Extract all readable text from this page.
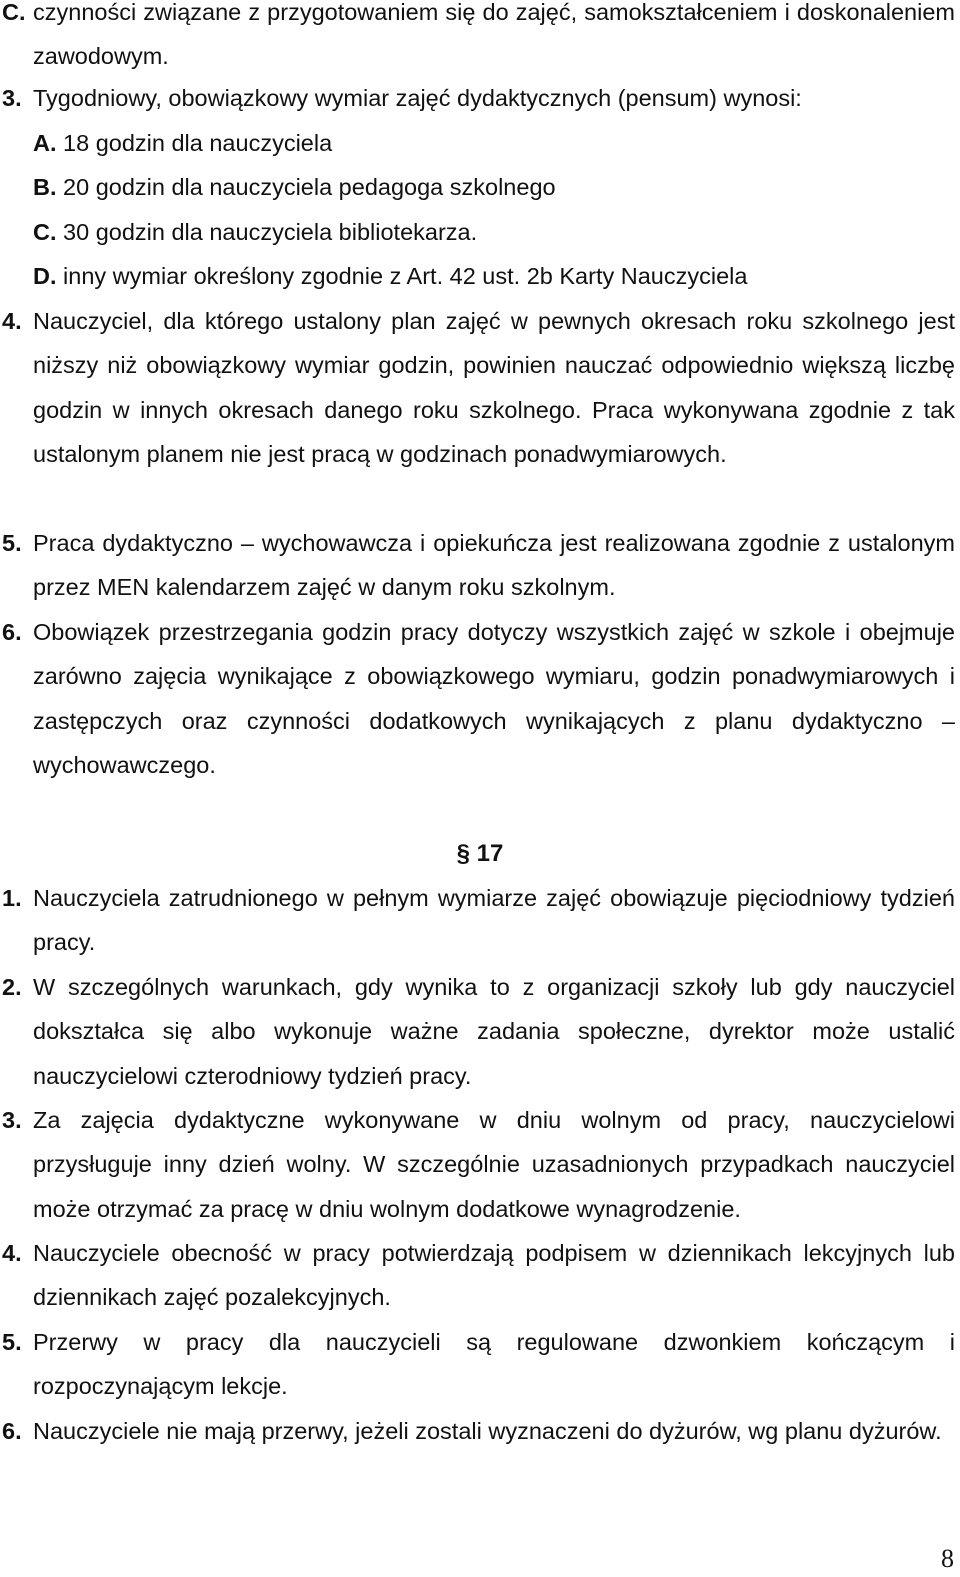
C. czynności związane z przygotowaniem się do zajęć, samokształceniem i doskonaleniem zawodowym.
3. Tygodniowy, obowiązkowy wymiar zajęć dydaktycznych (pensum) wynosi:
A. 18 godzin dla nauczyciela
B. 20 godzin dla nauczyciela pedagoga szkolnego
C. 30 godzin dla nauczyciela bibliotekarza.
D. inny wymiar określony zgodnie z Art. 42 ust. 2b Karty Nauczyciela
4. Nauczyciel, dla którego ustalony plan zajęć w pewnych okresach roku szkolnego jest niższy niż obowiązkowy wymiar godzin, powinien nauczać odpowiednio większą liczbę godzin w innych okresach danego roku szkolnego. Praca wykonywana zgodnie z tak ustalonym planem nie jest pracą w godzinach ponadwymiarowych.
5. Praca dydaktyczno – wychowawcza i opiekuńcza jest realizowana zgodnie z ustalonym przez MEN kalendarzem zajęć w danym roku szkolnym.
6. Obowiązek przestrzegania godzin pracy dotyczy wszystkich zajęć w szkole i obejmuje zarówno zajęcia wynikające z obowiązkowego wymiaru, godzin ponadwymiarowych i zastępczych oraz czynności dodatkowych wynikających z planu dydaktyczno – wychowawczego.
§ 17
1. Nauczyciela zatrudnionego w pełnym wymiarze zajęć obowiązuje pięciodniowy tydzień pracy.
2. W szczególnych warunkach, gdy wynika to z organizacji szkoły lub gdy nauczyciel dokształca się albo wykonuje ważne zadania społeczne, dyrektor może ustalić nauczycielowi czterodniowy tydzień pracy.
3. Za zajęcia dydaktyczne wykonywane w dniu wolnym od pracy, nauczycielowi przysługuje inny dzień wolny. W szczególnie uzasadnionych przypadkach nauczyciel może otrzymać za pracę w dniu wolnym dodatkowe wynagrodzenie.
4. Nauczyciele obecność w pracy potwierdzają podpisem w dziennikach lekcyjnych lub dziennikach zajęć pozalekcyjnych.
5. Przerwy w pracy dla nauczycieli są regulowane dzwonkiem kończącym i rozpoczynającym lekcje.
6. Nauczyciele nie mają przerwy, jeżeli zostali wyznaczeni do dyżurów, wg planu dyżurów.
8
